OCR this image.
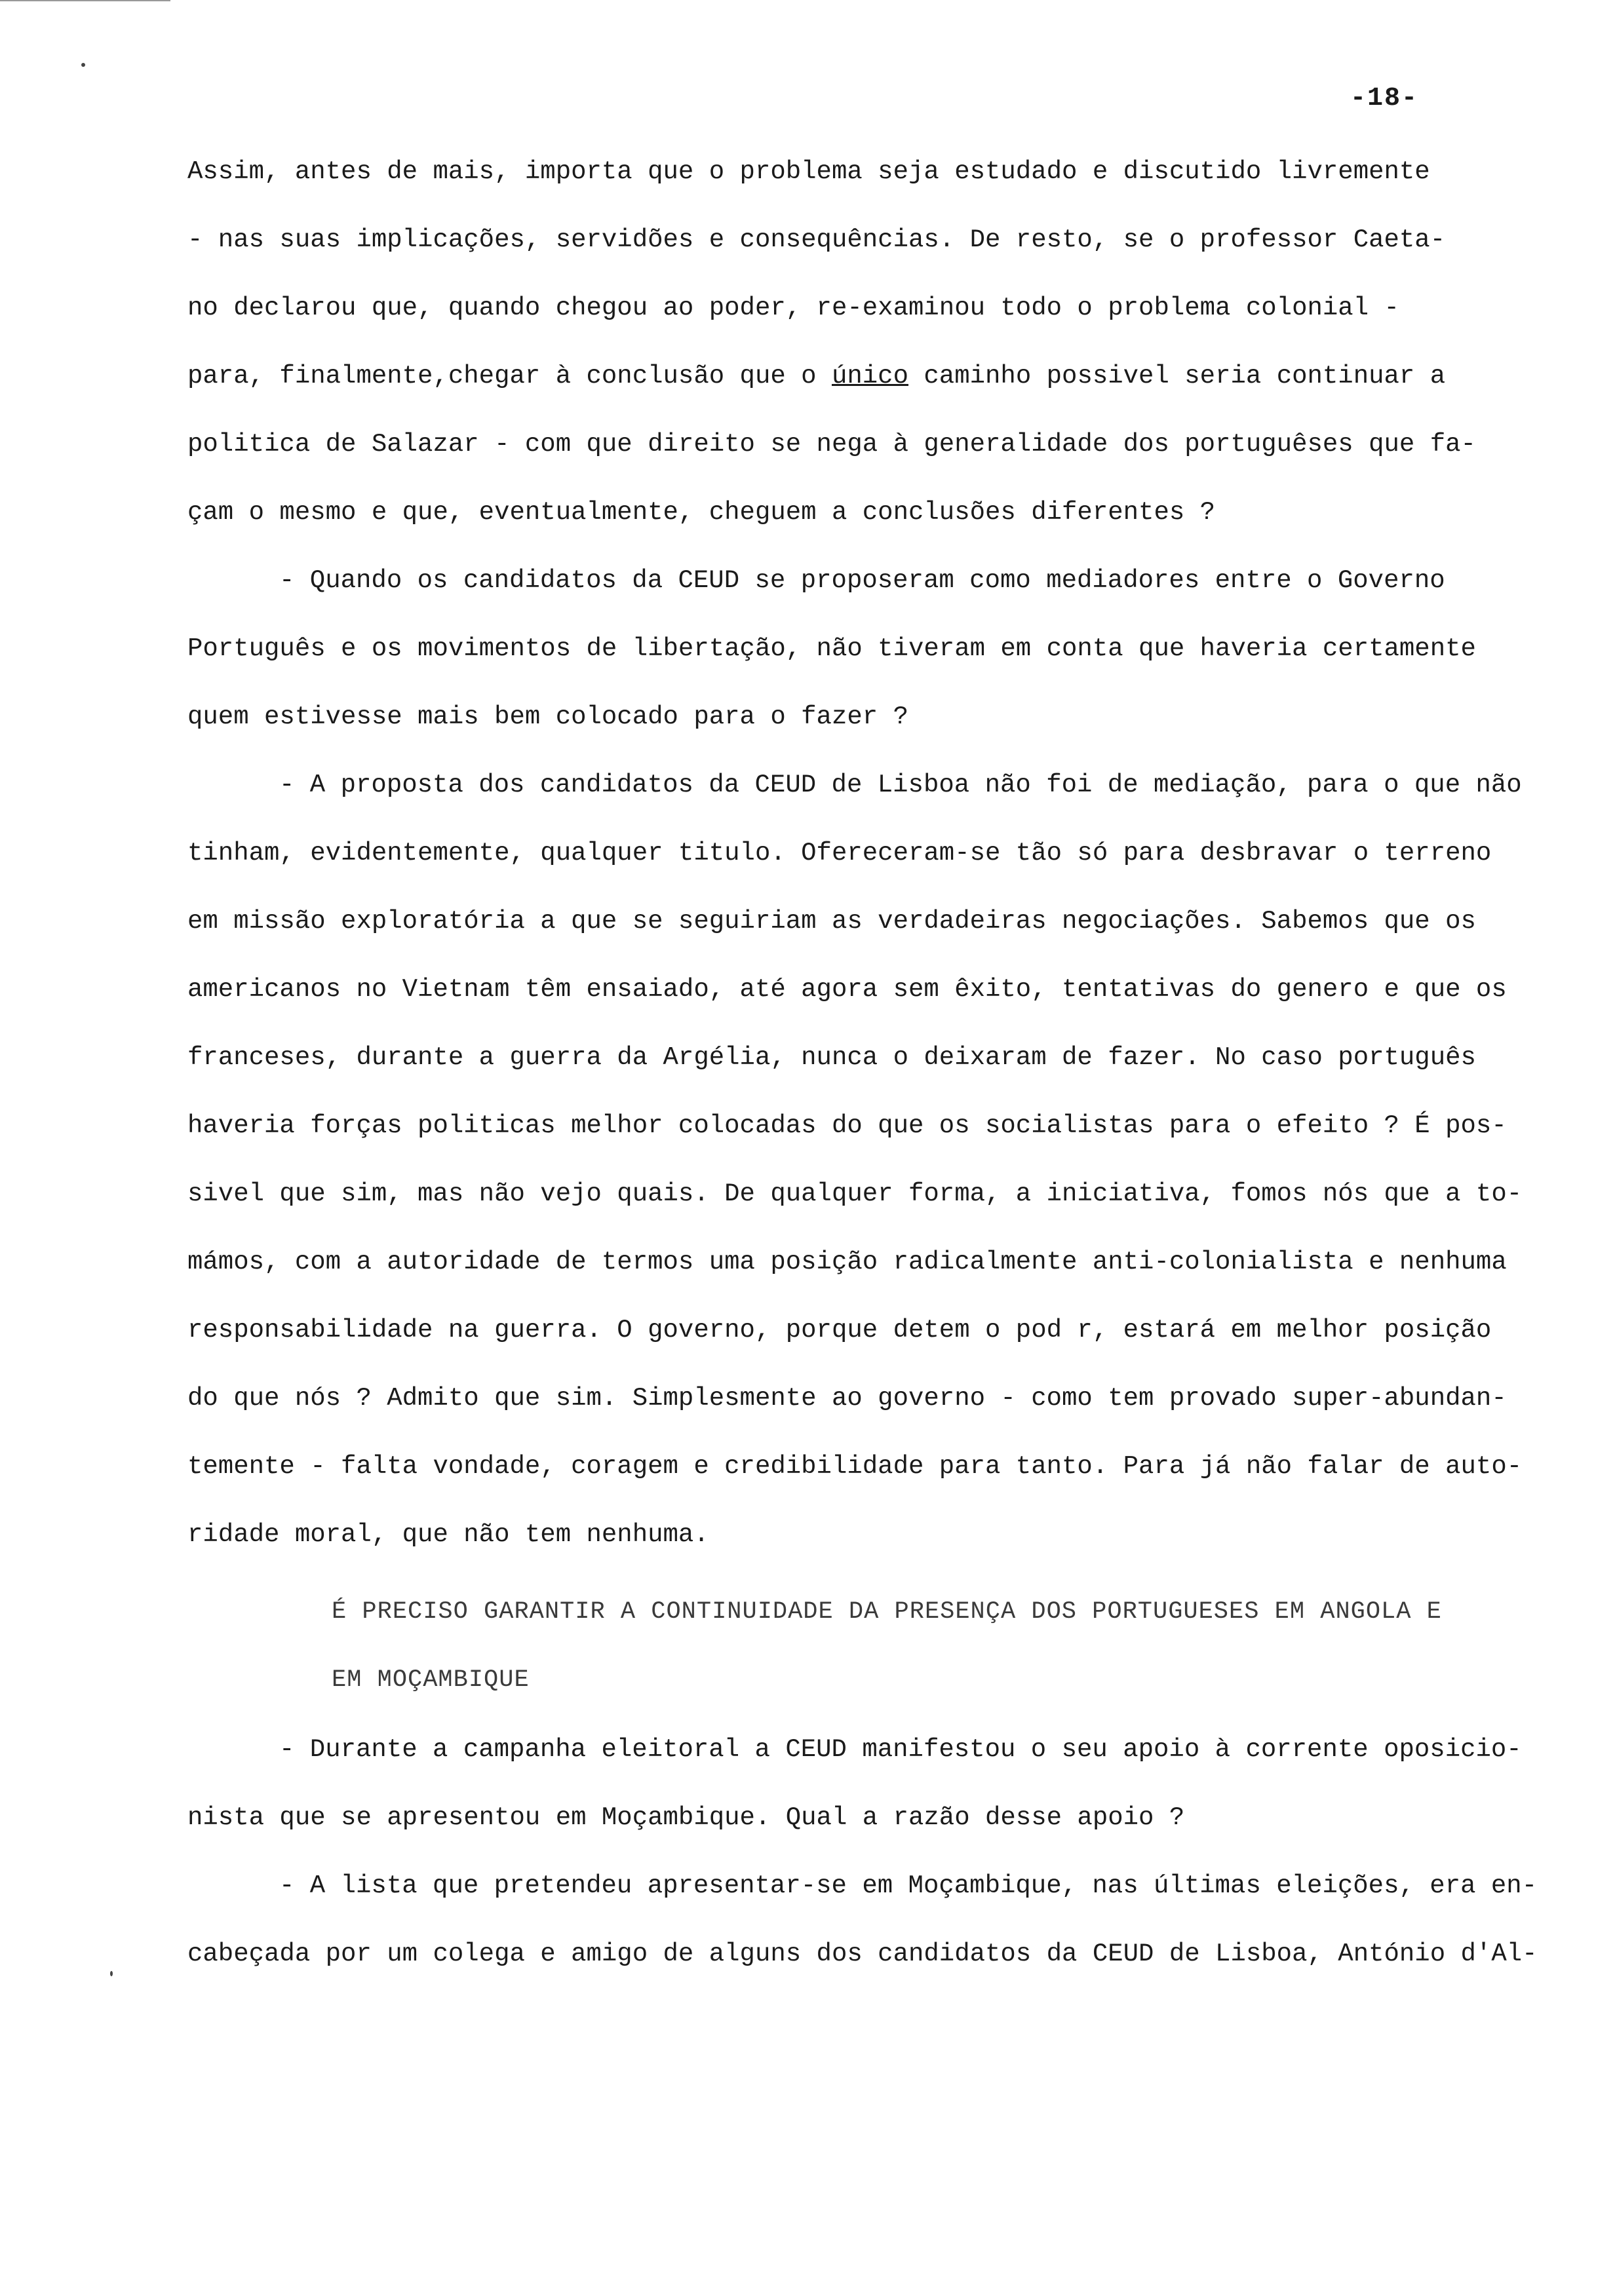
-18-
Assim, antes de mais, importa que o problema seja estudado e discutido livremente
- nas suas implicações, servidões e consequências. De resto, se o professor Caeta-
no declarou que, quando chegou ao poder, re-examinou todo o problema colonial -
para, finalmente,chegar à conclusão que o único caminho possivel seria continuar a
politica de Salazar - com que direito se nega à generalidade dos portuguêses que fa-
çam o mesmo e que, eventualmente, cheguem a conclusões diferentes ?
- Quando os candidatos da CEUD se proposeram como mediadores entre o Governo
Português e os movimentos de libertação, não tiveram em conta que haveria certamente
quem estivesse mais bem colocado para o fazer ?
- A proposta dos candidatos da CEUD de Lisboa não foi de mediação, para o que não
tinham, evidentemente, qualquer titulo. Ofereceram-se tão só para desbravar o terreno
em missão exploratória a que se seguiriam as verdadeiras negociações. Sabemos que os
americanos no Vietnam têm ensaiado, até agora sem êxito, tentativas do genero e que os
franceses, durante a guerra da Argélia, nunca o deixaram de fazer. No caso português
haveria forças politicas melhor colocadas do que os socialistas para o efeito ? É pos-
sivel que sim, mas não vejo quais. De qualquer forma, a iniciativa, fomos nós que a to-
mámos, com a autoridade de termos uma posição radicalmente anti-colonialista e nenhuma
responsabilidade na guerra. O governo, porque detem o pod r, estará em melhor posição
do que nós ? Admito que sim. Simplesmente ao governo - como tem provado super-abundan-
temente - falta vondade, coragem e credibilidade para tanto. Para já não falar de auto-
ridade moral, que não tem nenhuma.
É PRECISO GARANTIR A CONTINUIDADE DA PRESENÇA DOS PORTUGUESES EM ANGOLA E
EM MOÇAMBIQUE
- Durante a campanha eleitoral a CEUD manifestou o seu apoio à corrente oposicio-
nista que se apresentou em Moçambique. Qual a razão desse apoio ?
- A lista que pretendeu apresentar-se em Moçambique, nas últimas eleições, era en-
cabeçada por um colega e amigo de alguns dos candidatos da CEUD de Lisboa, António d'Al-
